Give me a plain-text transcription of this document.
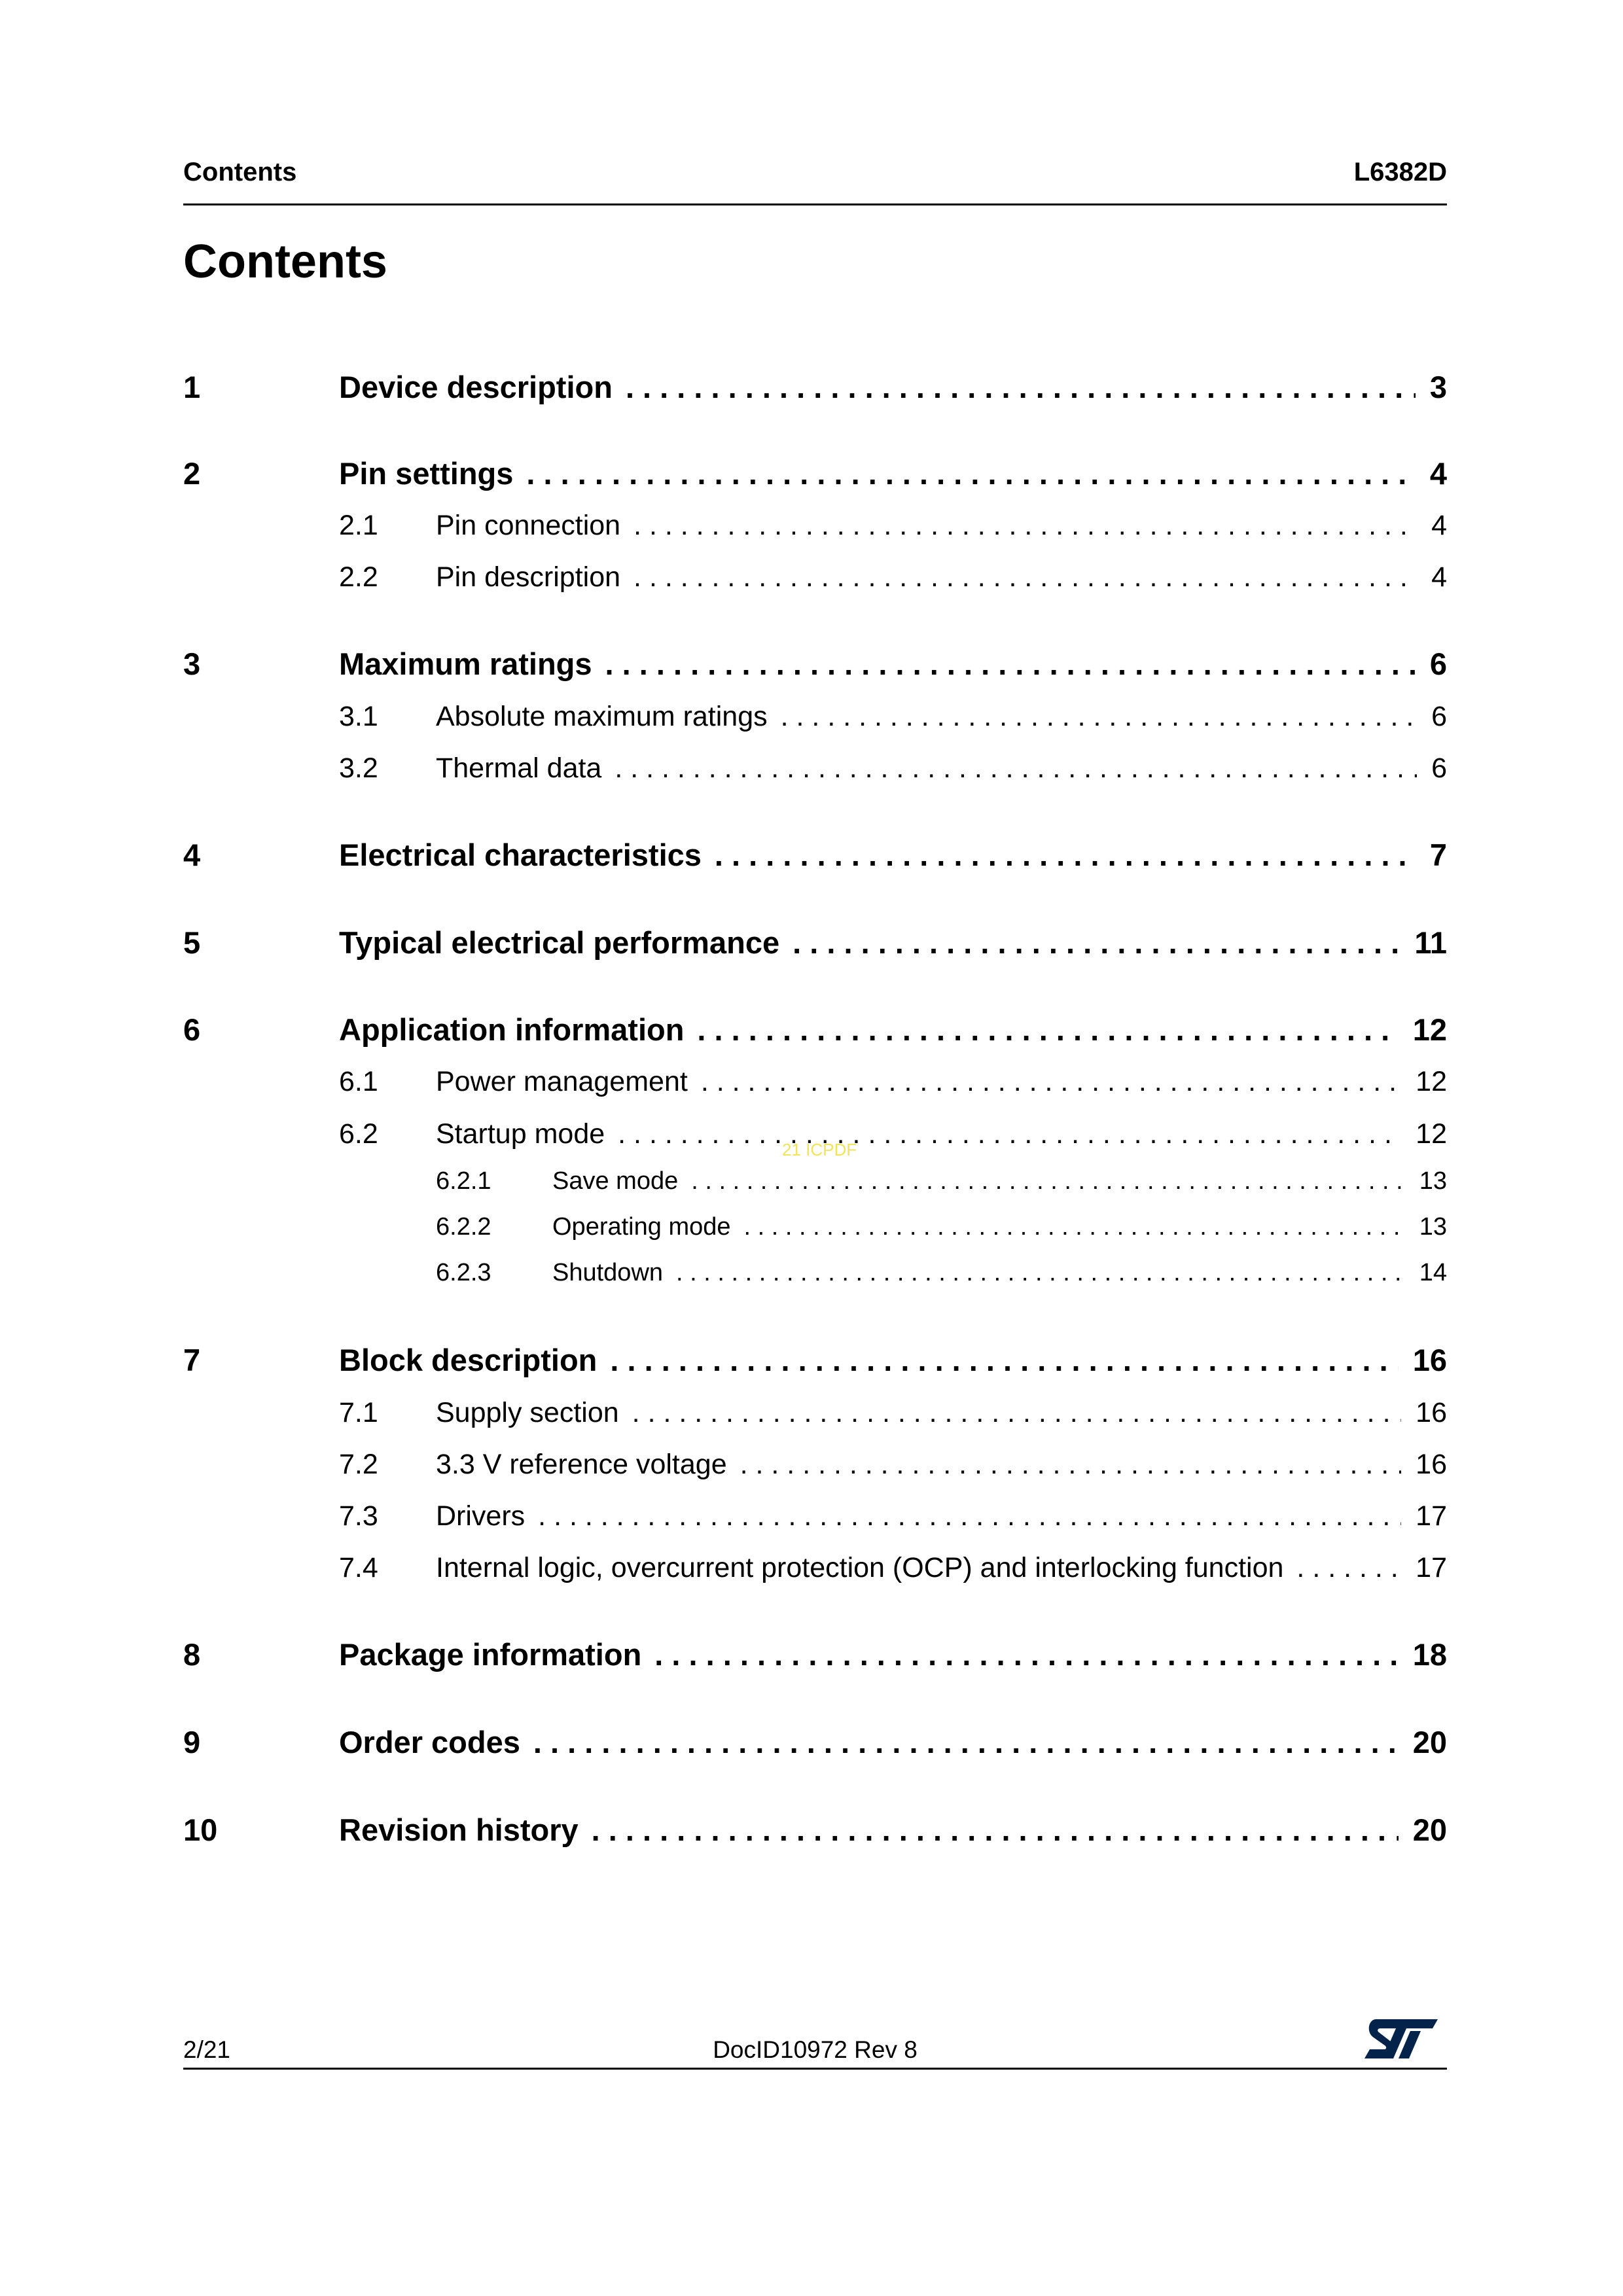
Contents	L6382D
Contents
1	Device description . . .	3
2	Pin settings . . .	4
2.1	Pin connection . . .	4
2.2	Pin description . . .	4
3	Maximum ratings . . .	6
3.1	Absolute maximum ratings . . .	6
3.2	Thermal data . . .	6
4	Electrical characteristics . . .	7
5	Typical electrical performance . . .	11
6	Application information . . .	12
6.1	Power management . . .	12
6.2	Startup mode . . .	12
6.2.1	Save mode . . .	13
6.2.2	Operating mode . . .	13
6.2.3	Shutdown . . .	14
7	Block description . . .	16
7.1	Supply section . . .	16
7.2	3.3 V reference voltage . . .	16
7.3	Drivers . . .	17
7.4	Internal logic, overcurrent protection (OCP) and interlocking function . . .	17
8	Package information . . .	18
9	Order codes . . .	20
10	Revision history . . .	20
21 ICPDF
2/21	DocID10972 Rev 8
